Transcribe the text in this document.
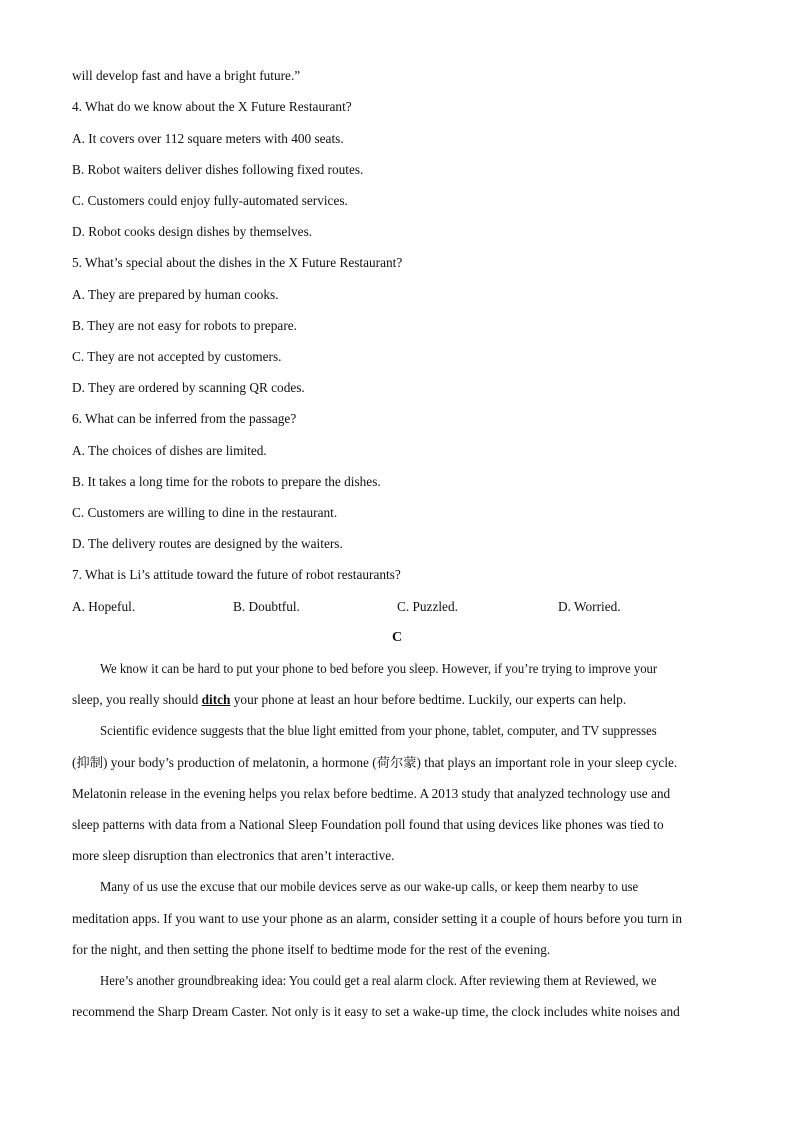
will develop fast and have a bright future.”
4. What do we know about the X Future Restaurant?
A. It covers over 112 square meters with 400 seats.
B. Robot waiters deliver dishes following fixed routes.
C. Customers could enjoy fully-automated services.
D. Robot cooks design dishes by themselves.
5. What’s special about the dishes in the X Future Restaurant?
A. They are prepared by human cooks.
B. They are not easy for robots to prepare.
C. They are not accepted by customers.
D. They are ordered by scanning QR codes.
6. What can be inferred from the passage?
A. The choices of dishes are limited.
B. It takes a long time for the robots to prepare the dishes.
C. Customers are willing to dine in the restaurant.
D. The delivery routes are designed by the waiters.
7. What is Li’s attitude toward the future of robot restaurants?
A. Hopeful.	B. Doubtful.	C. Puzzled.	D. Worried.
C
We know it can be hard to put your phone to bed before you sleep. However, if you’re trying to improve your
sleep, you really should ditch your phone at least an hour before bedtime. Luckily, our experts can help.
Scientific evidence suggests that the blue light emitted from your phone, tablet, computer, and TV suppresses
(抑制) your body’s production of melatonin, a hormone (荷尔蒙) that plays an important role in your sleep cycle.
Melatonin release in the evening helps you relax before bedtime. A 2013 study that analyzed technology use and
sleep patterns with data from a National Sleep Foundation poll found that using devices like phones was tied to
more sleep disruption than electronics that aren’t interactive.
Many of us use the excuse that our mobile devices serve as our wake-up calls, or keep them nearby to use
meditation apps. If you want to use your phone as an alarm, consider setting it a couple of hours before you turn in
for the night, and then setting the phone itself to bedtime mode for the rest of the evening.
Here’s another groundbreaking idea: You could get a real alarm clock. After reviewing them at Reviewed, we
recommend the Sharp Dream Caster. Not only is it easy to set a wake-up time, the clock includes white noises and
